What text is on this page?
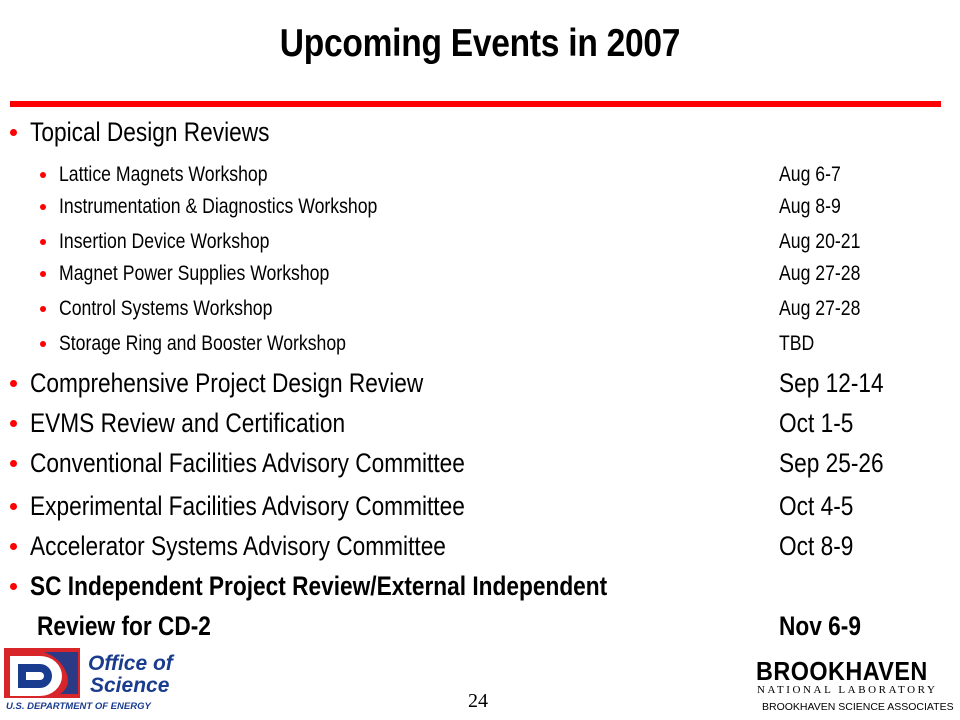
Upcoming Events in 2007
Topical Design Reviews
Lattice Magnets Workshop	Aug 6-7
Instrumentation & Diagnostics Workshop	Aug 8-9
Insertion Device Workshop	Aug 20-21
Magnet Power Supplies Workshop	Aug 27-28
Control Systems Workshop	Aug 27-28
Storage Ring and Booster Workshop	TBD
Comprehensive Project Design Review	Sep 12-14
EVMS Review and Certification	Oct 1-5
Conventional Facilities Advisory Committee	Sep 25-26
Experimental Facilities Advisory Committee	Oct 4-5
Accelerator Systems Advisory Committee	Oct 8-9
SC Independent Project Review/External Independent
Review for CD-2	Nov 6-9
Office of
Science
U.S. DEPARTMENT OF ENERGY	24
BROOKHAVEN
NATIONAL LABORATORY
BROOKHAVEN SCIENCE ASSOCIATES
